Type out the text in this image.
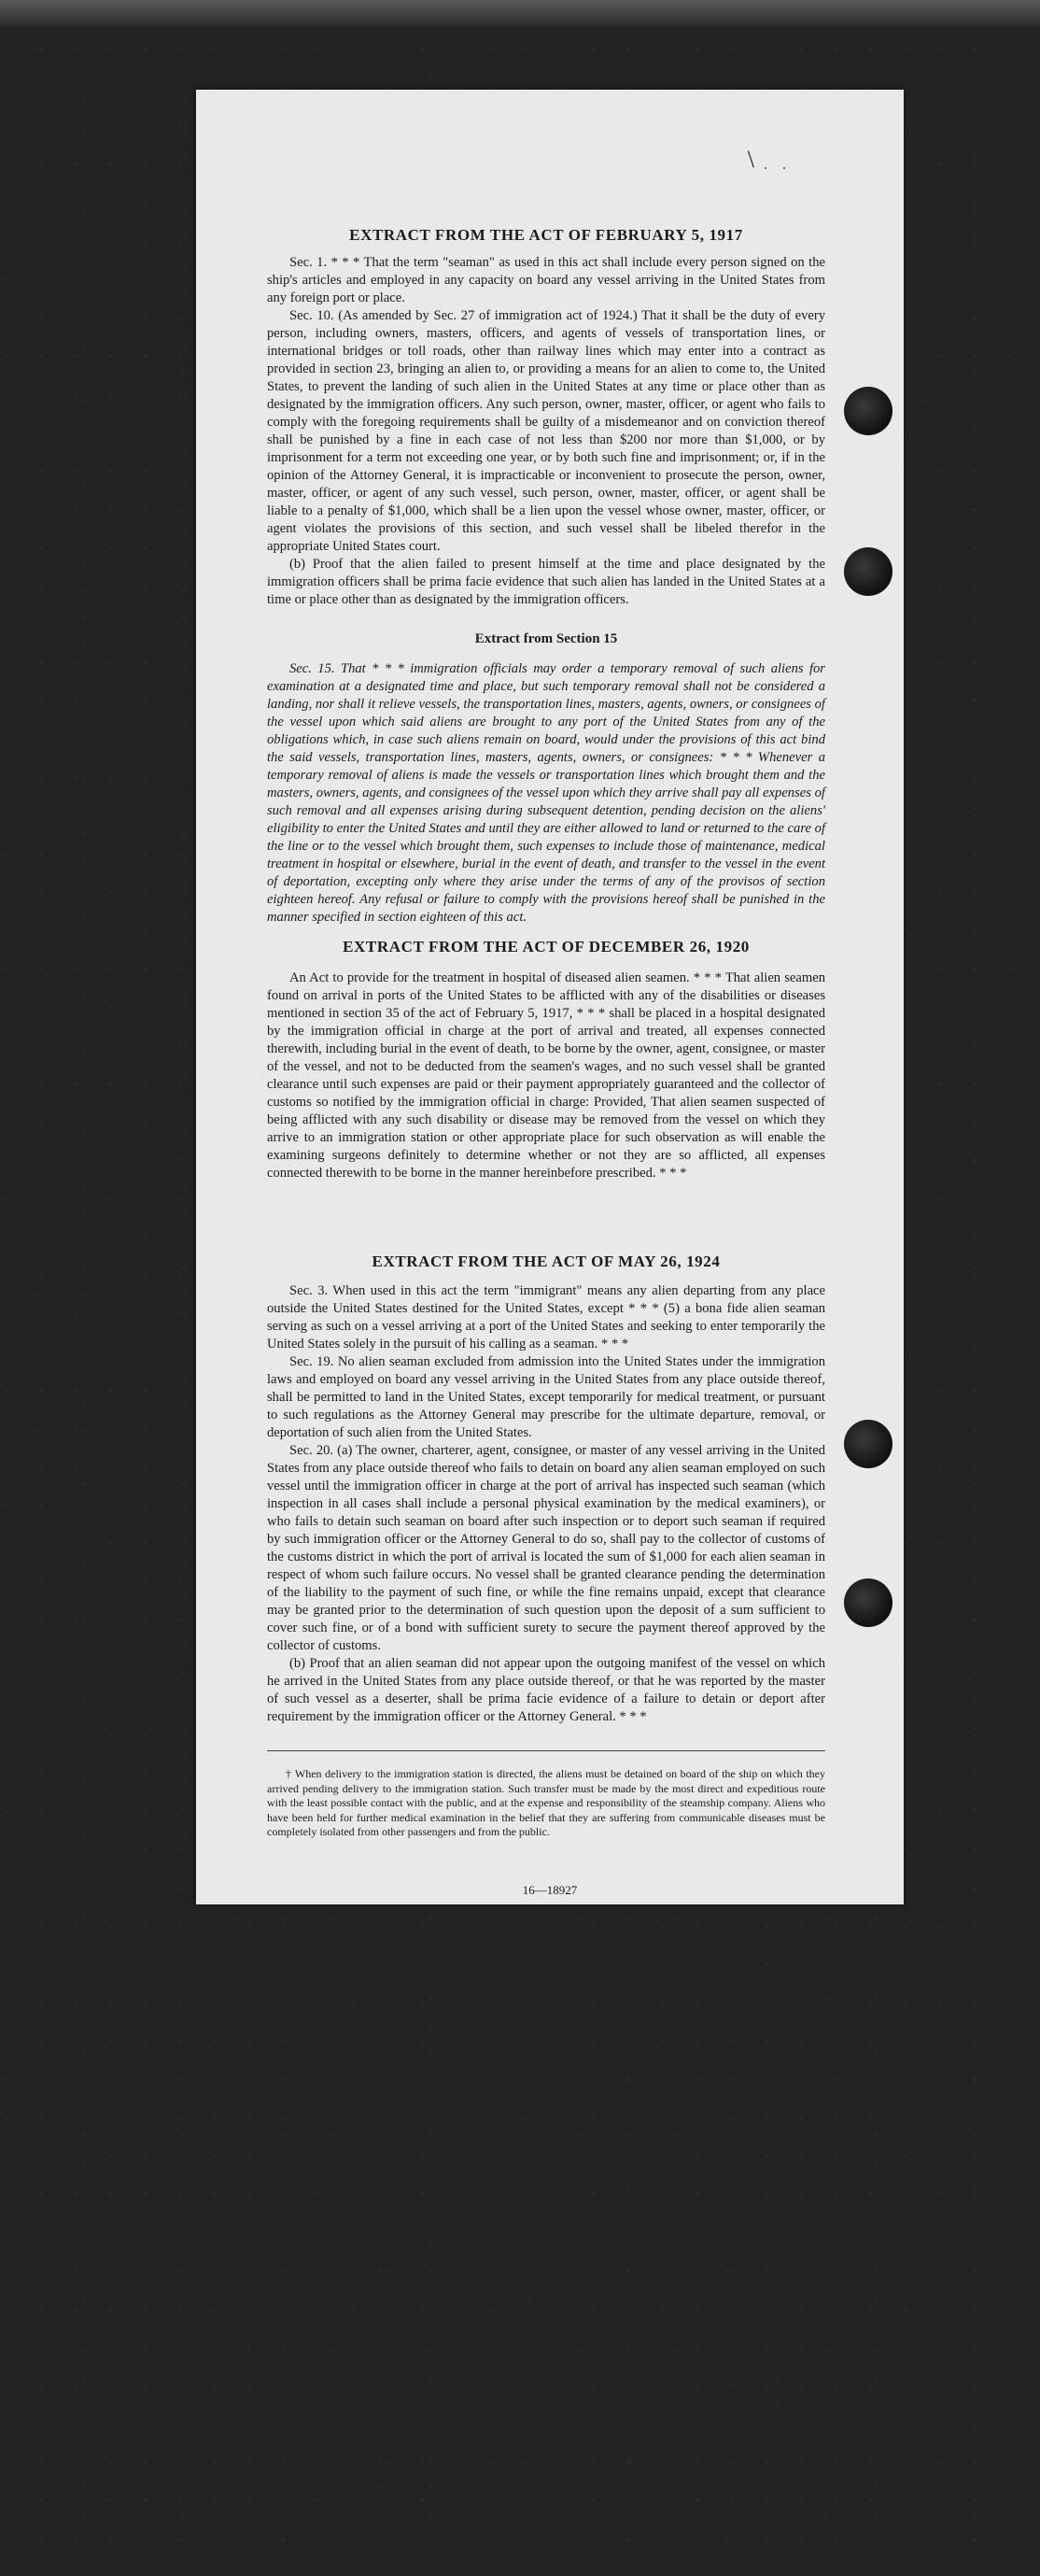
\ . .
EXTRACT FROM THE ACT OF FEBRUARY 5, 1917

Sec. 1. * * * That the term "seaman" as used in this act shall include every person signed on the ship's articles and employed in any capacity on board any vessel arriving in the United States from any foreign port or place.

Sec. 10. (As amended by Sec. 27 of immigration act of 1924.) That it shall be the duty of every person, including owners, masters, officers, and agents of vessels of transportation lines, or international bridges or toll roads, other than railway lines which may enter into a contract as provided in section 23, bringing an alien to, or providing a means for an alien to come to, the United States, to prevent the landing of such alien in the United States at any time or place other than as designated by the immigration officers. Any such person, owner, master, officer, or agent who fails to comply with the foregoing requirements shall be guilty of a misdemeanor and on conviction thereof shall be punished by a fine in each case of not less than $200 nor more than $1,000, or by imprisonment for a term not exceeding one year, or by both such fine and imprisonment; or, if in the opinion of the Attorney General, it is impracticable or inconvenient to prosecute the person, owner, master, officer, or agent of any such vessel, such person, owner, master, officer, or agent shall be liable to a penalty of $1,000, which shall be a lien upon the vessel whose owner, master, officer, or agent violates the provisions of this section, and such vessel shall be libeled therefor in the appropriate United States court.

(b) Proof that the alien failed to present himself at the time and place designated by the immigration officers shall be prima facie evidence that such alien has landed in the United States at a time or place other than as designated by the immigration officers.

Extract from Section 15

Sec. 15. That * * * immigration officials may order a temporary removal of such aliens for examination at a designated time and place, but such temporary removal shall not be considered a landing, nor shall it relieve vessels, the transportation lines, masters, agents, owners, or consignees of the vessel upon which said aliens are brought to any port of the United States from any of the obligations which, in case such aliens remain on board, would under the provisions of this act bind the said vessels, transportation lines, masters, agents, owners, or consignees: * * * Whenever a temporary removal of aliens is made the vessels or transportation lines which brought them and the masters, owners, agents, and consignees of the vessel upon which they arrive shall pay all expenses of such removal and all expenses arising during subsequent detention, pending decision on the aliens' eligibility to enter the United States and until they are either allowed to land or returned to the care of the line or to the vessel which brought them, such expenses to include those of maintenance, medical treatment in hospital or elsewhere, burial in the event of death, and transfer to the vessel in the event of deportation, excepting only where they arise under the terms of any of the provisos of section eighteen hereof. Any refusal or failure to comply with the provisions hereof shall be punished in the manner specified in section eighteen of this act.

EXTRACT FROM THE ACT OF DECEMBER 26, 1920

An Act to provide for the treatment in hospital of diseased alien seamen. * * * That alien seamen found on arrival in ports of the United States to be afflicted with any of the disabilities or diseases mentioned in section 35 of the act of February 5, 1917, * * * shall be placed in a hospital designated by the immigration official in charge at the port of arrival and treated, all expenses connected therewith, including burial in the event of death, to be borne by the owner, agent, consignee, or master of the vessel, and not to be deducted from the seamen's wages, and no such vessel shall be granted clearance until such expenses are paid or their payment appropriately guaranteed and the collector of customs so notified by the immigration official in charge: Provided, That alien seamen suspected of being afflicted with any such disability or disease may be removed from the vessel on which they arrive to an immigration station or other appropriate place for such observation as will enable the examining surgeons definitely to determine whether or not they are so afflicted, all expenses connected therewith to be borne in the manner hereinbefore prescribed. * * *

EXTRACT FROM THE ACT OF MAY 26, 1924

Sec. 3. When used in this act the term "immigrant" means any alien departing from any place outside the United States destined for the United States, except * * * (5) a bona fide alien seaman serving as such on a vessel arriving at a port of the United States and seeking to enter temporarily the United States solely in the pursuit of his calling as a seaman. * * *

Sec. 19. No alien seaman excluded from admission into the United States under the immigration laws and employed on board any vessel arriving in the United States from any place outside thereof, shall be permitted to land in the United States, except temporarily for medical treatment, or pursuant to such regulations as the Attorney General may prescribe for the ultimate departure, removal, or deportation of such alien from the United States.

Sec. 20. (a) The owner, charterer, agent, consignee, or master of any vessel arriving in the United States from any place outside thereof who fails to detain on board any alien seaman employed on such vessel until the immigration officer in charge at the port of arrival has inspected such seaman (which inspection in all cases shall include a personal physical examination by the medical examiners), or who fails to detain such seaman on board after such inspection or to deport such seaman if required by such immigration officer or the Attorney General to do so, shall pay to the collector of customs of the customs district in which the port of arrival is located the sum of $1,000 for each alien seaman in respect of whom such failure occurs. No vessel shall be granted clearance pending the determination of the liability to the payment of such fine, or while the fine remains unpaid, except that clearance may be granted prior to the determination of such question upon the deposit of a sum sufficient to cover such fine, or of a bond with sufficient surety to secure the payment thereof approved by the collector of customs.

(b) Proof that an alien seaman did not appear upon the outgoing manifest of the vessel on which he arrived in the United States from any place outside thereof, or that he was reported by the master of such vessel as a deserter, shall be prima facie evidence of a failure to detain or deport after requirement by the immigration officer or the Attorney General. * * *

† When delivery to the immigration station is directed, the aliens must be detained on board of the ship on which they arrived pending delivery to the immigration station. Such transfer must be made by the most direct and expeditious route with the least possible contact with the public, and at the expense and responsibility of the steamship company. Aliens who have been held for further medical examination in the belief that they are suffering from communicable diseases must be completely isolated from other passengers and from the public.

16—18927
